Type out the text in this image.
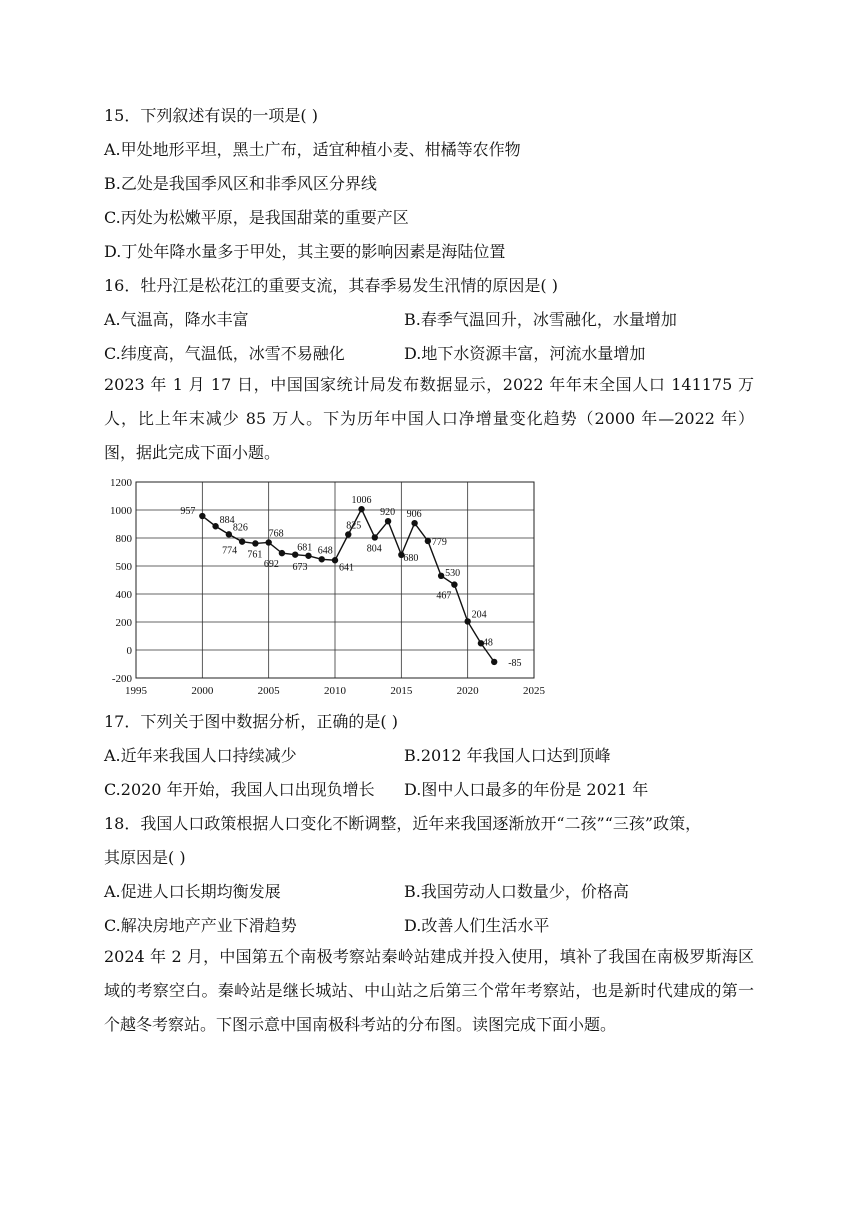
15．下列叙述有误的一项是( )
A.甲处地形平坦，黑土广布，适宜种植小麦、柑橘等农作物
B.乙处是我国季风区和非季风区分界线
C.丙处为松嫩平原，是我国甜菜的重要产区
D.丁处年降水量多于甲处，其主要的影响因素是海陆位置
16．牡丹江是松花江的重要支流，其春季易发生汛情的原因是( )
A.气温高，降水丰富	B.春季气温回升，冰雪融化，水量增加
C.纬度高，气温低，冰雪不易融化	D.地下水资源丰富，河流水量增加
2023 年 1 月 17 日，中国国家统计局发布数据显示，2022 年年末全国人口 141175 万人，比上年末减少 85 万人。下为历年中国人口净增量变化趋势（2000 年—2022 年）图，据此完成下面小题。
1200
1000
800
500
400
200
0
-200
1995	2000	2005	2010	2015	2020	2025
957
884
826
774 761
768
692
681
673
648
641
825
1006
804
920
680
906
779
530
467
204
48
-85
17．下列关于图中数据分析，正确的是( )
A.近年来我国人口持续减少	B.2012 年我国人口达到顶峰
C.2020 年开始，我国人口出现负增长 D.图中人口最多的年份是 2021 年
18．我国人口政策根据人口变化不断调整，近年来我国逐渐放开“二孩”“三孩”政策，
其原因是( )
A.促进人口长期均衡发展	B.我国劳动人口数量少，价格高
C.解决房地产产业下滑趋势	D.改善人们生活水平
2024 年 2 月，中国第五个南极考察站秦岭站建成并投入使用，填补了我国在南极罗斯海区域的考察空白。秦岭站是继长城站、中山站之后第三个常年考察站，也是新时代建成的第一个越冬考察站。下图示意中国南极科考站的分布图。读图完成下面小题。
